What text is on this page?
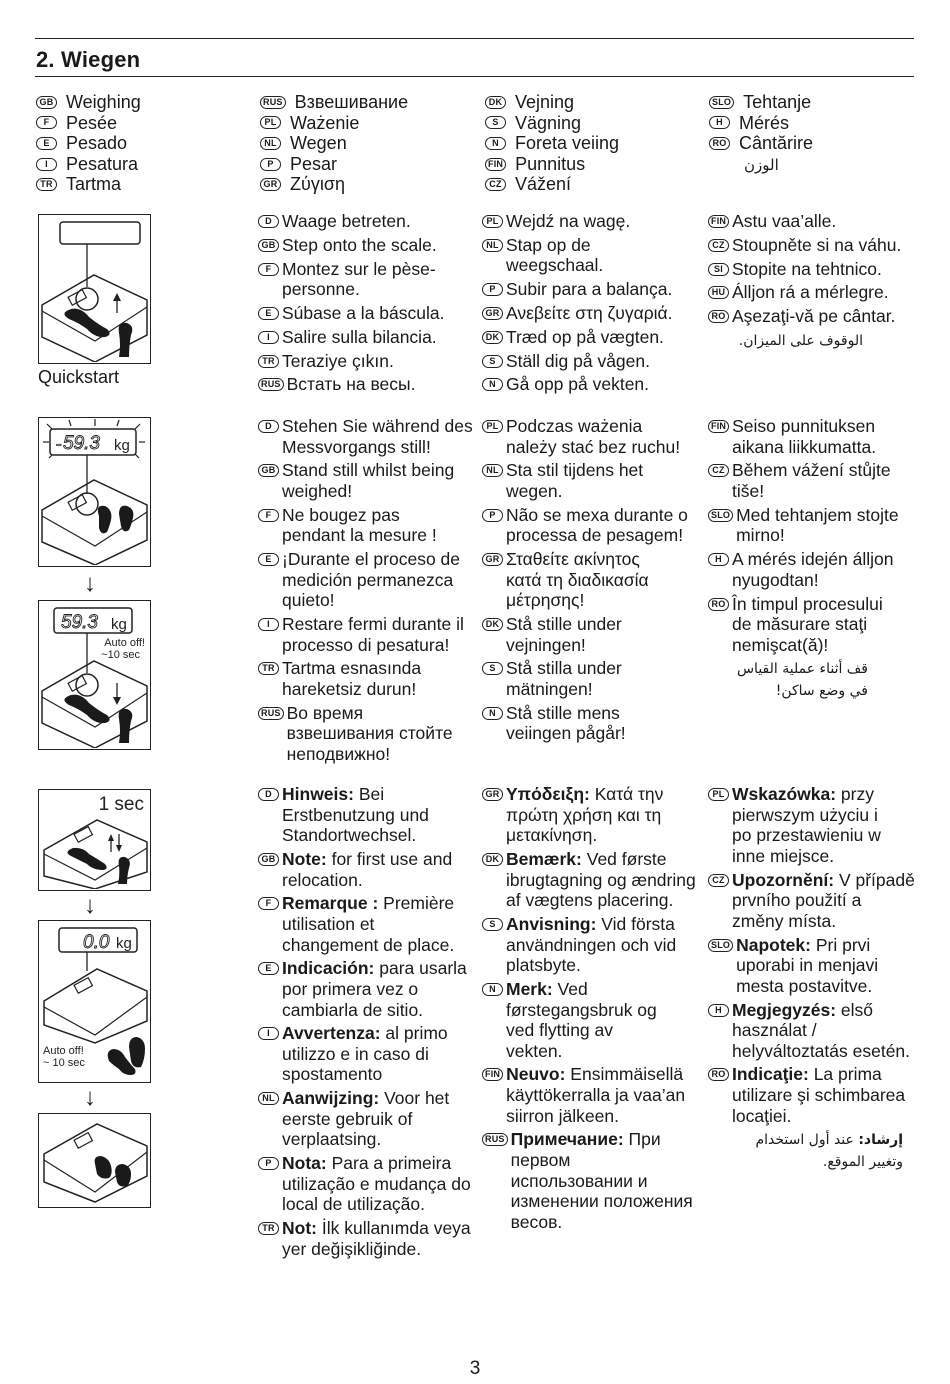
2. Wiegen
GB Weighing
F Pesée
E Pesado
I	Pesatura
TR Tartma
RUS Взвешивание
PL Ważenie
NL Wegen
P Pesar
GR Ζύγιση
DK Vejning
S Vägning
N Foreta veiing
FIN Punnitus
CZ Vážení
SLO Tehtanje
H Mérés
RO Cântărire
الوزن
Quickstart
D Waage betreten.
GB Step onto the scale.
F Montez sur le pèse-personne.
E Súbase a la báscula.
I Salire sulla bilancia.
TR Teraziye çıkın.
RUS Встать на весы.
PL Wejdź na wagę.
NL Stap op de weegschaal.
P Subir para a balança.
GR Ανεβείτε στη ζυγαριά.
DK Træd op på vægten.
S Ställ dig på vågen.
N Gå opp på vekten.
FIN Astu vaa’alle.
CZ Stoupněte si na váhu.
SI Stopite na tehtnico.
HU Álljon rá a mérlegre.
RO Aşezaţi-vă pe cântar.
الوقوف على الميزان.
- 59.3 kg
↓
59.3 kg
Auto off!
~10 sec
D Stehen Sie während des Messvorgangs still!
GB Stand still whilst being weighed!
F Ne bougez pas pendant la mesure !
E ¡Durante el proceso de medición permanezca quieto!
I Restare fermi durante il processo di pesatura!
TR Tartma esnasında hareketsiz durun!
RUS Во время взвешивания стойте неподвижно!
PL Podczas ważenia należy stać bez ruchu!
NL Sta stil tijdens het wegen.
P Não se mexa durante o processa de pesagem!
GR Σταθείτε ακίνητος κατά τη διαδικασία μέτρησης!
DK Stå stille under vejningen!
S Stå stilla under mätningen!
N Stå stille mens veiingen pågår!
FIN Seiso punnituksen aikana liikkumatta.
CZ Během vážení stůjte tiše!
SLO Med tehtanjem stojte mirno!
H A mérés idején álljon nyugodtan!
RO În timpul procesului de măsurare staţi nemişcat(ă)!
قف أثناء عملية القياس في وضع ساكن!
1 sec
↓
0.0 kg
Auto off!
~ 10 sec
↓
D Hinweis: Bei Erstbenutzung und Standortwechsel.
GB Note: for first use and relocation.
F Remarque : Première utilisation et changement de place.
E Indicación: para usarla por primera vez o cambiarla de sitio.
I Avvertenza: al primo utilizzo e in caso di spostamento
NL Aanwijzing: Voor het eerste gebruik of verplaatsing.
P Nota: Para a primeira utilização e mudança do local de utilização.
TR Not: İlk kullanımda veya yer değişikliğinde.
GR Υπόδειξη: Κατά την πρώτη χρήση και τη μετακίνηση.
DK Bemærk: Ved første ibrugtagning og ændring af vægtens placering.
S Anvisning: Vid första användningen och vid platsbyte.
N Merk: Ved førstegangsbruk og ved flytting av vekten.
FIN Neuvo: Ensimmäisellä käyttökerralla ja vaa’an siirron jälkeen.
RUS Примечание: При первом использовании и изменении положения весов.
PL Wskazówka: przy pierwszym użyciu i po przestawieniu w inne miejsce.
CZ Upozornění: V případě prvního použití a změny místa.
SLO Napotek: Pri prvi uporabi in menjavi mesta postavitve.
H Megjegyzés: első használat / helyváltoztatás esetén.
RO Indicaţie: La prima utilizare şi schimbarea locaţiei.
إرشاد: عند أول استخدام وتغيير الموقع.
3
